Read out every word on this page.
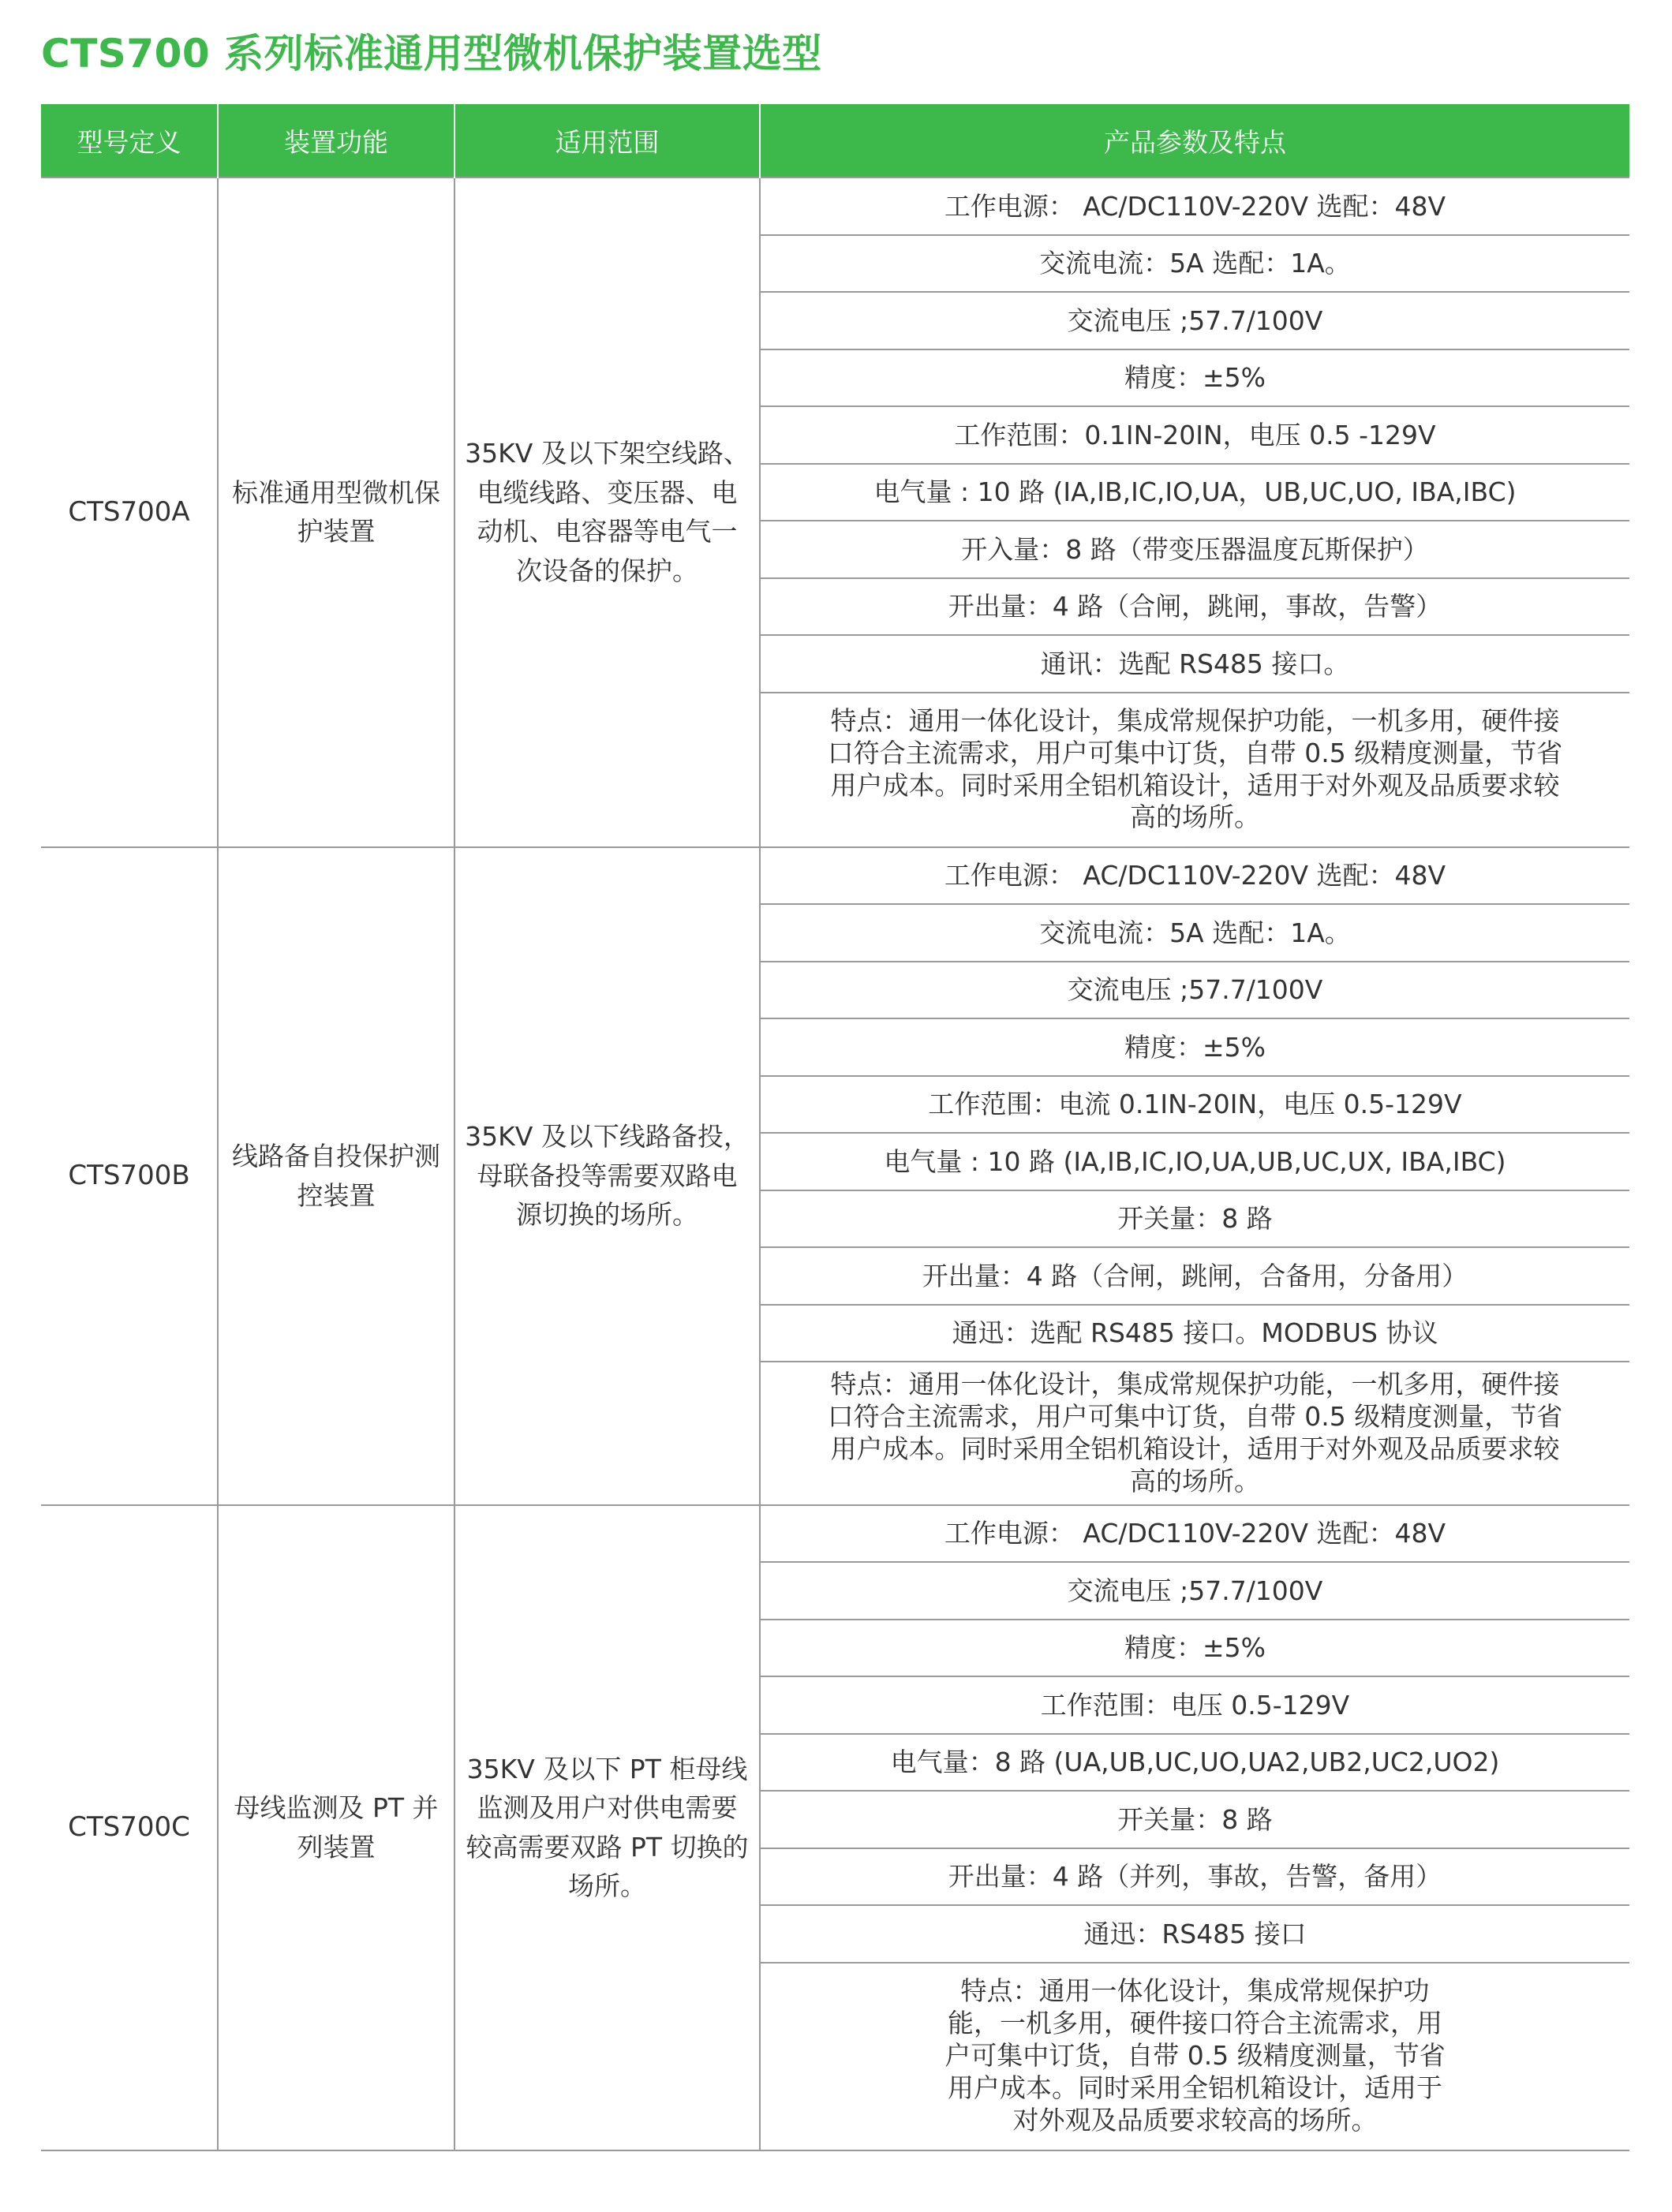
CTS700 系列标准通用型微机保护装置选型
型号定义	装置功能	适用范围	产品参数及特点
CTS700A	标准通用型微机保护装置	35KV 及以下架空线路、电缆线路、变压器、电动机、电容器等电气一次设备的保护。	工作电源： AC/DC110V-220V 选配：48V
			交流电流：5A 选配：1A。
			交流电压 ;57.7/100V
			精度：±5%
			工作范围：0.1IN-20IN，电压 0.5 -129V
			电气量 : 10 路 (IA,IB,IC,IO,UA，UB,UC,UO, IBA,IBC)
			开入量：8 路（带变压器温度瓦斯保护）
			开出量：4 路（合闸，跳闸，事故，告警）
			通讯：选配 RS485 接口。
			特点：通用一体化设计，集成常规保护功能，一机多用，硬件接口符合主流需求，用户可集中订货，自带 0.5 级精度测量，节省用户成本。同时采用全铝机箱设计，适用于对外观及品质要求较高的场所。
CTS700B	线路备自投保护测控装置	35KV 及以下线路备投，母联备投等需要双路电源切换的场所。	工作电源： AC/DC110V-220V 选配：48V
			交流电流：5A 选配：1A。
			交流电压 ;57.7/100V
			精度：±5%
			工作范围：电流 0.1IN-20IN，电压 0.5-129V
			电气量 : 10 路 (IA,IB,IC,IO,UA,UB,UC,UX, IBA,IBC)
			开关量：8 路
			开出量：4 路（合闸，跳闸，合备用，分备用）
			通迅：选配 RS485 接口。MODBUS 协议
			特点：通用一体化设计，集成常规保护功能，一机多用，硬件接口符合主流需求，用户可集中订货，自带 0.5 级精度测量，节省用户成本。同时采用全铝机箱设计，适用于对外观及品质要求较高的场所。
CTS700C	母线监测及 PT 并列装置	35KV 及以下 PT 柜母线监测及用户对供电需要较高需要双路 PT 切换的场所。	工作电源： AC/DC110V-220V 选配：48V
			交流电压 ;57.7/100V
			精度：±5%
			工作范围：电压 0.5-129V
			电气量：8 路 (UA,UB,UC,UO,UA2,UB2,UC2,UO2)
			开关量：8 路
			开出量：4 路（并列，事故，告警，备用）
			通迅：RS485 接口
			特点：通用一体化设计，集成常规保护功能，一机多用，硬件接口符合主流需求，用户可集中订货，自带 0.5 级精度测量，节省用户成本。同时采用全铝机箱设计，适用于对外观及品质要求较高的场所。
